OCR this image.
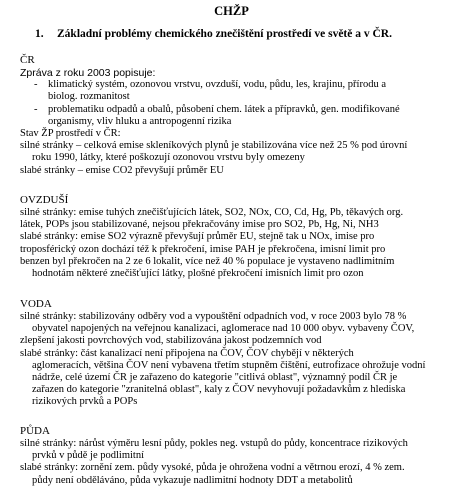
CHŽP
1. Základní problémy chemického znečištění prostředí ve světě a v ČR.
ČR
Zpráva z roku 2003 popisuje:
- klimatický systém, ozonovou vrstvu, ovzduší, vodu, půdu, les, krajinu, přírodu a
biolog. rozmanitost
- problematiku odpadů a obalů, působení chem. látek a přípravků, gen. modifikované
organismy, vliv hluku a antropogenní rizika
Stav ŽP prostředí v ČR:
silné stránky – celková emise skleníkových plynů je stabilizována více než 25 % pod úrovní
roku 1990, látky, které poškozují ozonovou vrstvu byly omezeny
slabé stránky – emise CO2 převyšují průměr EU
OVZDUŠÍ
silné stránky: emise tuhých znečišťujících látek, SO2, NOx, CO, Cd, Hg, Pb, těkavých org.
látek, POPs jsou stabilizované, nejsou překračovány imise pro SO2, Pb, Hg, Ni, NH3
slabé stránky: emise SO2 výrazně převyšují průměr EU, stejně tak u NOx, imise pro
troposférický ozon dochází též k překročení, imise PAH je překročena, imisní limit pro
benzen byl překročen na 2 ze 6 lokalit, více než 40 % populace je vystaveno nadlimitním
hodnotám některé znečišťující látky, plošné překročení imisních limit pro ozon
VODA
silné stránky: stabilizovány odběry vod a vypouštění odpadních vod, v roce 2003 bylo 78 %
obyvatel napojených na veřejnou kanalizaci, aglomerace nad 10 000 obyv. vybaveny ČOV,
zlepšení jakosti povrchových vod, stabilizována jakost podzemních vod
slabé stránky: část kanalizací není připojena na ČOV, ČOV chybějí v některých
aglomeracích, většina ČOV není vybavena třetím stupněm čištění, eutrofizace ohrožuje vodní
nádrže, celé území ČR je zařazeno do kategorie "citlivá oblast", významný podíl ČR je
zařazen do kategorie "zranitelná oblast", kaly z ČOV nevyhovují požadavkům z hlediska
rizikových prvků a POPs
PŮDA
silné stránky: nárůst výměru lesní půdy, pokles neg. vstupů do půdy, koncentrace rizikových
prvků v půdě je podlimitní
slabé stránky: zornění zem. půdy vysoké, půda je ohrožena vodní a větrnou erozí, 4 % zem.
půdy není obděláváno, půda vykazuje nadlimitní hodnoty DDT a metabolitů
